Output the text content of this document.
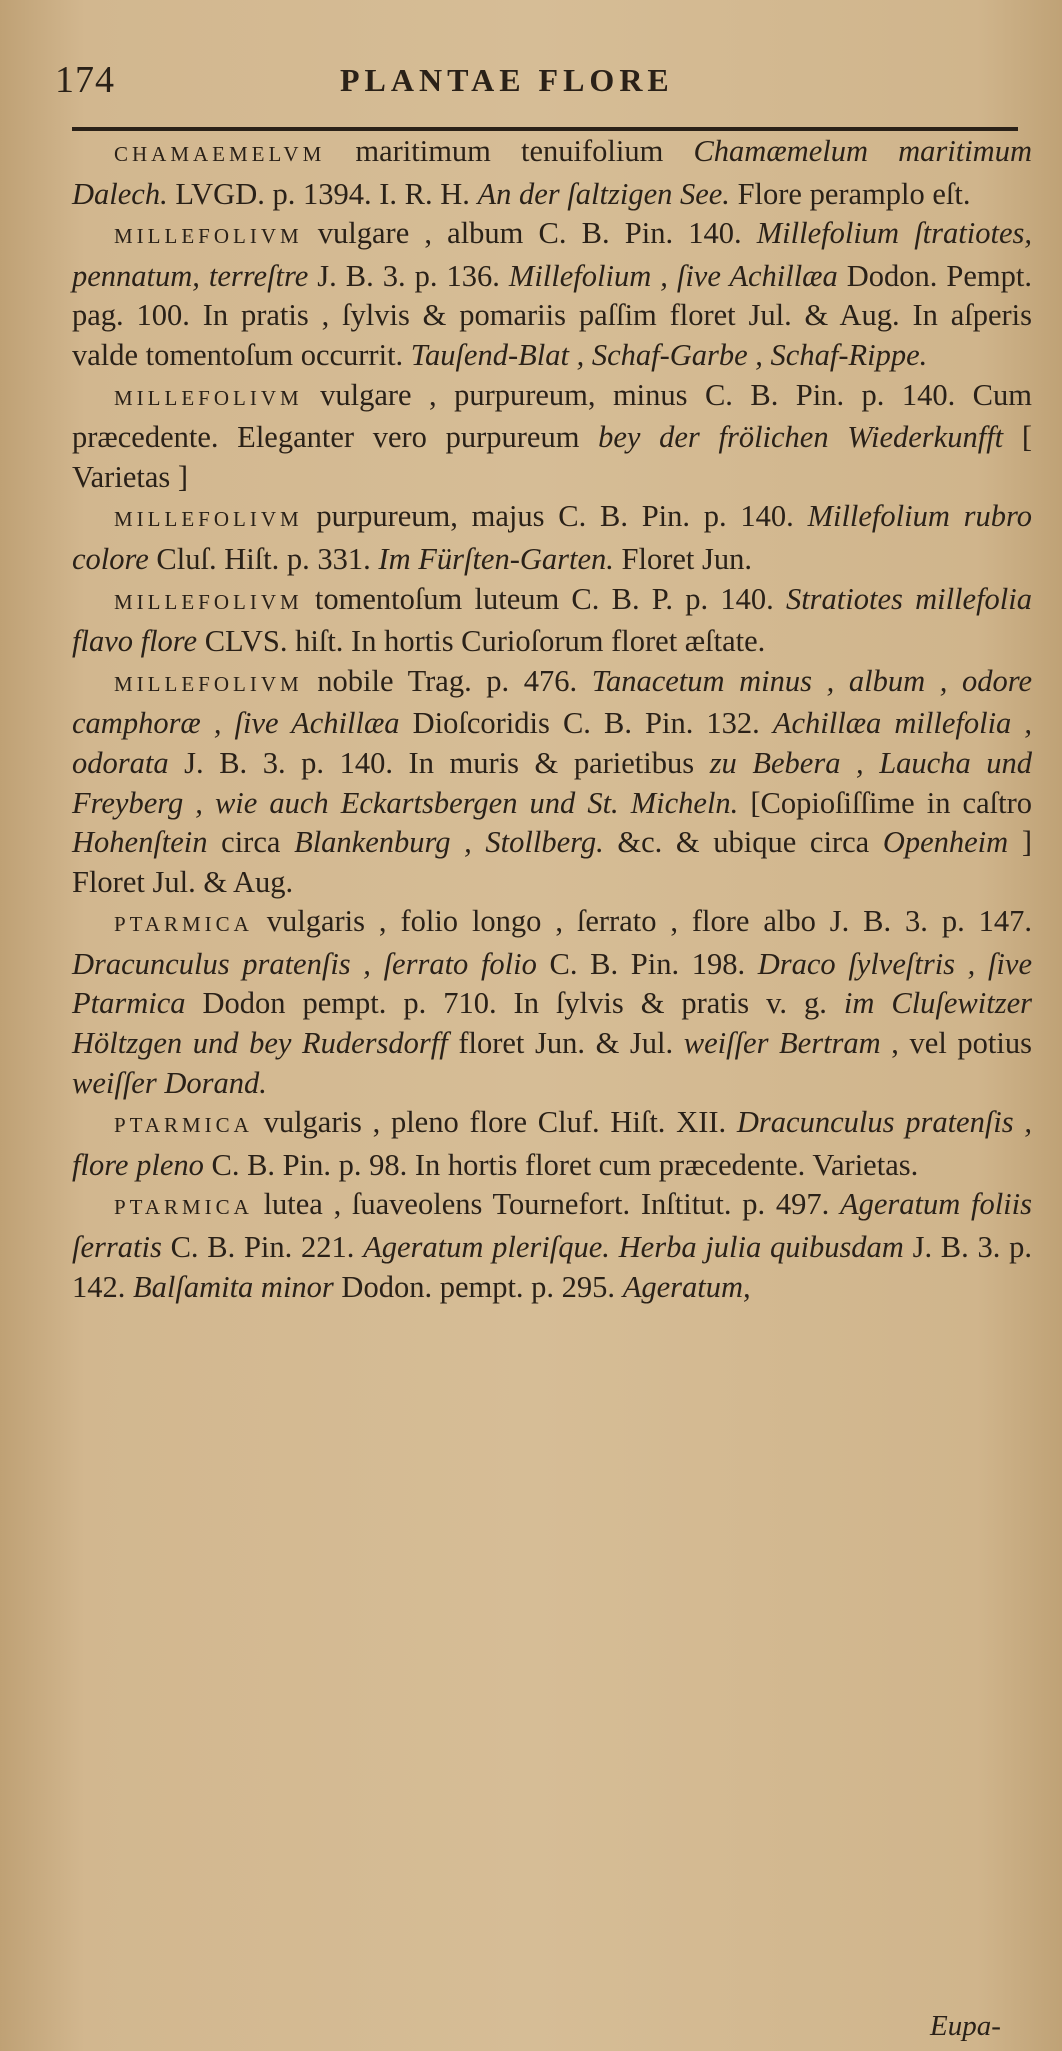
174	PLANTAE FLORE

CHAMAEMELVM maritimum tenuifolium Chamæmelum maritimum Dalech. LVGD. p. 1394. I. R. H. An der ſaltzigen See. Flore peramplo eſt.

MILLEFOLIVM vulgare , album C. B. Pin. 140. Millefolium ſtratiotes, pennatum, terreſtre J. B. 3. p. 136. Millefolium , ſive Achillæa Dodon. Pempt. pag. 100. In pratis , ſylvis & pomariis paſſim floret Jul. & Aug. In aſperis valde tomentoſum occurrit. Tauſend-Blat , Schaf-Garbe , Schaf-Rippe.

MILLEFOLIVM vulgare , purpureum, minus C. B. Pin. p. 140. Cum præcedente. Eleganter vero purpureum bey der frölichen Wiederkunfft [ Varietas ]

MILLEFOLIVM purpureum, majus C. B. Pin. p. 140. Millefolium rubro colore Cluſ. Hiſt. p. 331. Im Fürſten-Garten. Floret Jun.

MILLEFOLIVM tomentoſum luteum C. B. P. p. 140. Stratiotes millefolia flavo flore CLVS. hiſt. In hortis Curioſorum floret æſtate.

MILLEFOLIVM nobile Trag. p. 476. Tanacetum minus , album , odore camphoræ , ſive Achillæa Dioſcoridis C. B. Pin. 132. Achillæa millefolia , odorata J. B. 3. p. 140. In muris & parietibus zu Bebera , Laucha und Freyberg , wie auch Eckartsbergen und St. Micheln. [Copioſiſſime in caſtro Hohenſtein circa Blankenburg , Stollberg. &c. & ubique circa Openheim ] Floret Jul. & Aug.

PTARMICA vulgaris , folio longo , ſerrato , flore albo J. B. 3. p. 147. Dracunculus pratenſis , ſerrato folio C. B. Pin. 198. Draco ſylveſtris , ſive Ptarmica Dodon pempt. p. 710. In ſylvis & pratis v. g. im Cluſewitzer Höltzgen und bey Rudersdorff floret Jun. & Jul. weiſſer Bertram , vel potius weiſſer Dorand.

PTARMICA vulgaris , pleno flore Cluf. Hiſt. XII. Dracunculus pratenſis , flore pleno C. B. Pin. p. 98. In hortis floret cum præcedente. Varietas.

PTARMICA lutea , ſuaveolens Tournefort. Inſtitut. p. 497. Ageratum foliis ſerratis C. B. Pin. 221. Ageratum pleriſque. Herba julia quibusdam J. B. 3. p. 142. Balſamita minor Dodon. pempt. p. 295. Ageratum,

Eupa-
